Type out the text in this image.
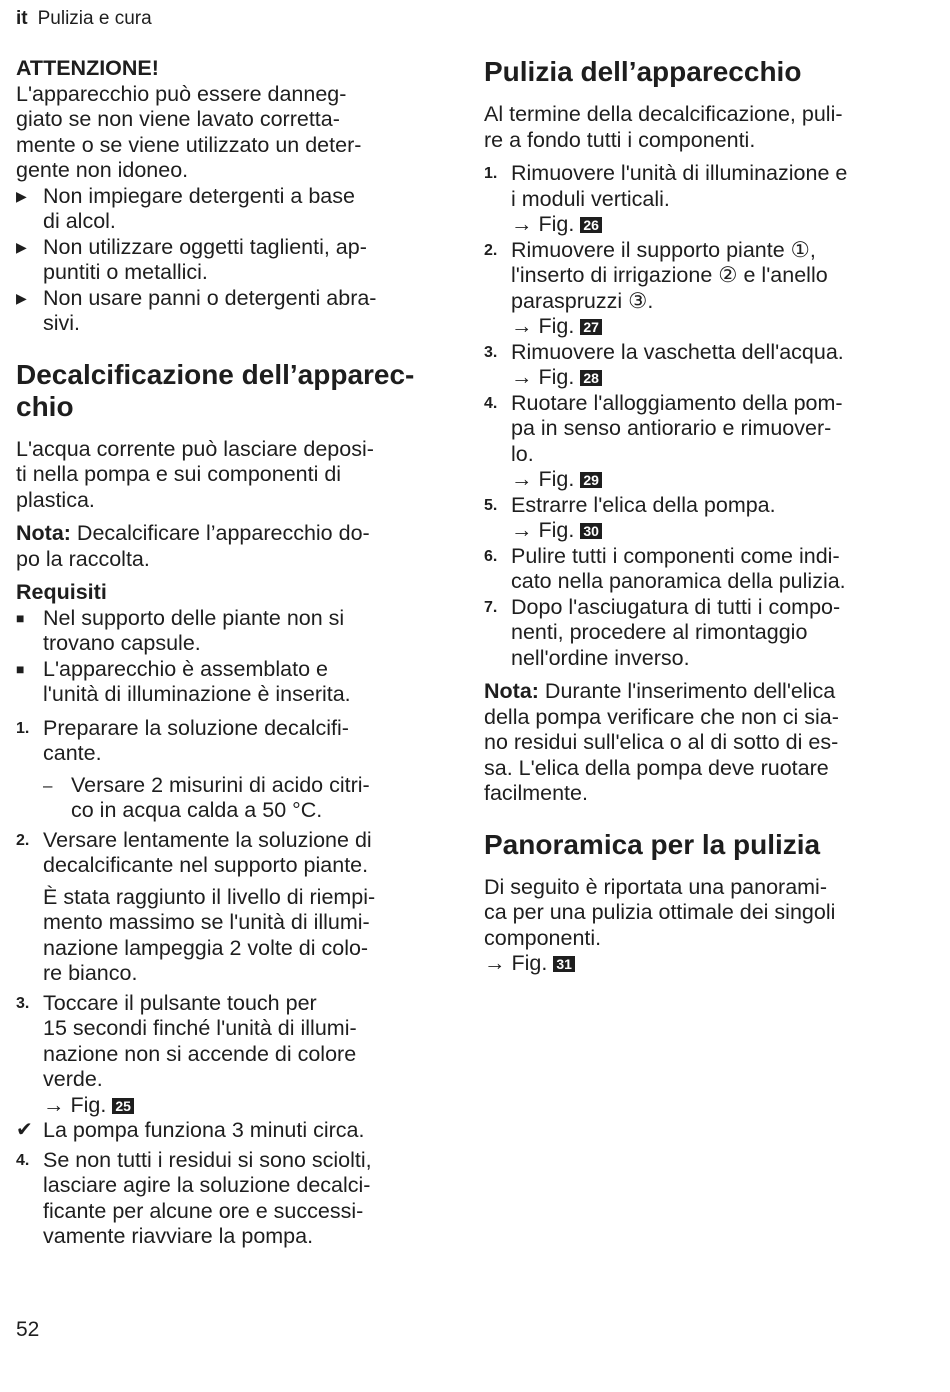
it Pulizia e cura
ATTENZIONE!
L'apparecchio può essere danneg-
giato se non viene lavato corretta-
mente o se viene utilizzato un deter-
gente non idoneo.
▶ Non impiegare detergenti a base
di alcol.
▶ Non utilizzare oggetti taglienti, ap-
puntiti o metallici.
▶ Non usare panni o detergenti abra-
sivi.
Decalcificazione dell’apparec-
chio
L'acqua corrente può lasciare deposi-
ti nella pompa e sui componenti di
plastica.
Nota: Decalcificare l’apparecchio do-
po la raccolta.
Requisiti
■ Nel supporto delle piante non si
trovano capsule.
■ L'apparecchio è assemblato e
l'unità di illuminazione è inserita.
1. Preparare la soluzione decalcifi-
cante.
– Versare 2 misurini di acido citri-
co in acqua calda a 50 °C.
2. Versare lentamente la soluzione di
decalcificante nel supporto piante.
È stata raggiunto il livello di riempi-
mento massimo se l'unità di illumi-
nazione lampeggia 2 volte di colo-
re bianco.
3. Toccare il pulsante touch per
15 secondi finché l'unità di illumi-
nazione non si accende di colore
verde.
→ Fig. 25
✔ La pompa funziona 3 minuti circa.
4. Se non tutti i residui si sono sciolti,
lasciare agire la soluzione decalci-
ficante per alcune ore e successi-
vamente riavviare la pompa.
Pulizia dell’apparecchio
Al termine della decalcificazione, puli-
re a fondo tutti i componenti.
1. Rimuovere l'unità di illuminazione e
i moduli verticali.
→ Fig. 26
2. Rimuovere il supporto piante ①,
l'inserto di irrigazione ② e l'anello
paraspruzzi ③.
→ Fig. 27
3. Rimuovere la vaschetta dell'acqua.
→ Fig. 28
4. Ruotare l'alloggiamento della pom-
pa in senso antiorario e rimuover-
lo.
→ Fig. 29
5. Estrarre l'elica della pompa.
→ Fig. 30
6. Pulire tutti i componenti come indi-
cato nella panoramica della pulizia.
7. Dopo l'asciugatura di tutti i compo-
nenti, procedere al rimontaggio
nell'ordine inverso.
Nota: Durante l'inserimento dell'elica
della pompa verificare che non ci sia-
no residui sull'elica o al di sotto di es-
sa. L'elica della pompa deve ruotare
facilmente.
Panoramica per la pulizia
Di seguito è riportata una panorami-
ca per una pulizia ottimale dei singoli
componenti.
→ Fig. 31
52
